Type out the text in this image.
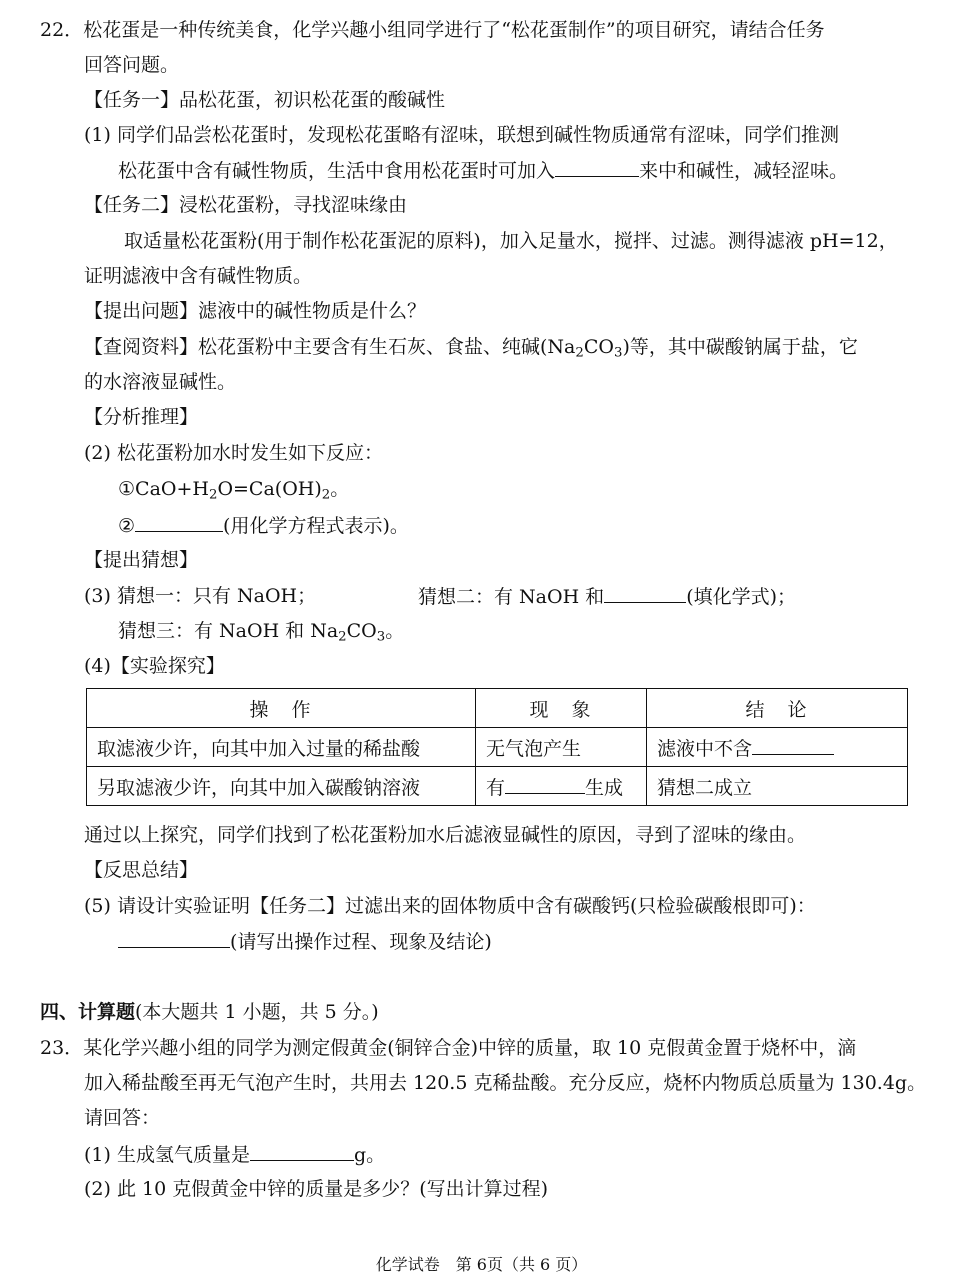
22．松花蛋是一种传统美食，化学兴趣小组同学进行了“松花蛋制作”的项目研究，请结合任务
回答问题。
【任务一】品松花蛋，初识松花蛋的酸碱性
(1) 同学们品尝松花蛋时，发现松花蛋略有涩味，联想到碱性物质通常有涩味，同学们推测
松花蛋中含有碱性物质，生活中食用松花蛋时可加入	来中和碱性，减轻涩味。
【任务二】浸松花蛋粉，寻找涩味缘由
取适量松花蛋粉(用于制作松花蛋泥的原料)，加入足量水，搅拌、过滤。测得滤液 pH=12，
证明滤液中含有碱性物质。
【提出问题】滤液中的碱性物质是什么？
【查阅资料】松花蛋粉中主要含有生石灰、食盐、纯碱$(Na_2CO_3)$等，其中碳酸钠属于盐，它
的水溶液显碱性。
【分析推理】
(2) 松花蛋粉加水时发生如下反应：
$①CaO+H_2O=Ca(OH)_2$。
②	(用化学方程式表示)。
【提出猜想】
(3) 猜想一：只有 NaOH；	猜想二：有 NaOH 和	(填化学式)；
猜想三：有 NaOH 和 $Na_2CO_3$。
(4)【实验探究】
操　作	现　象	结　论
取滤液少许，向其中加入过量的稀盐酸	无气泡产生	滤液中不含
另取滤液少许，向其中加入碳酸钠溶液	有 生成	猜想二成立
通过以上探究，同学们找到了松花蛋粉加水后滤液显碱性的原因，寻到了涩味的缘由。
【反思总结】
(5) 请设计实验证明【任务二】过滤出来的固体物质中含有碳酸钙(只检验碳酸根即可)：
(请写出操作过程、现象及结论)
四、计算题(本大题共 1 小题，共 5 分。)
23．某化学兴趣小组的同学为测定假黄金(铜锌合金)中锌的质量，取 10 克假黄金置于烧杯中，滴
加入稀盐酸至再无气泡产生时，共用去 120.5 克稀盐酸。充分反应，烧杯内物质总质量为 130.4g。
请回答：
(1) 生成氢气质量是	g。
(2) 此 10 克假黄金中锌的质量是多少？(写出计算过程)
化学试卷　第 6页（共 6 页）
